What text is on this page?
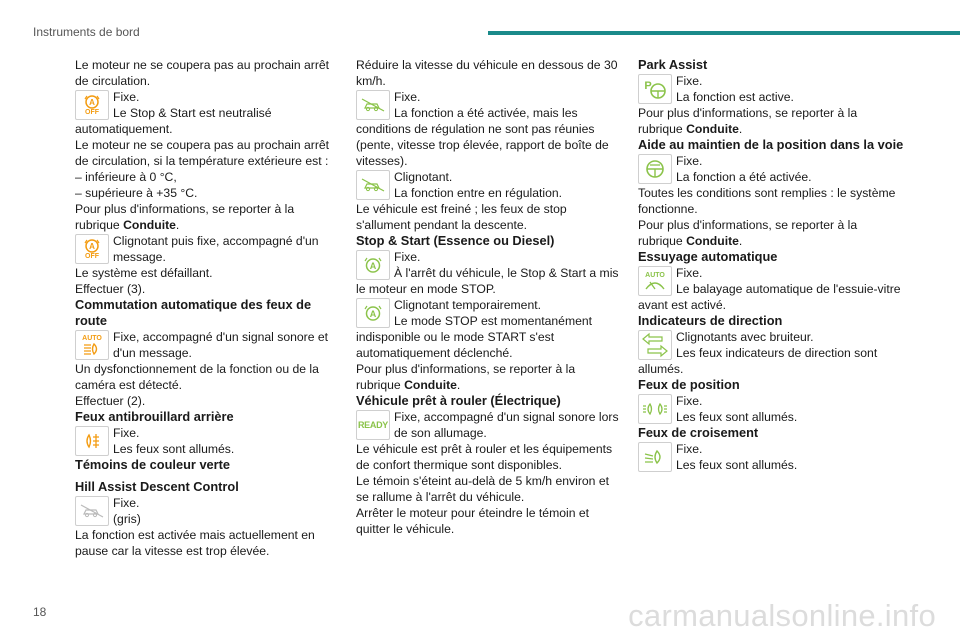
Instruments de bord

Le moteur ne se coupera pas au prochain arrêt de circulation.

A
OFF

Fixe.

Le Stop & Start est neutralisé automatiquement.

Le moteur ne se coupera pas au prochain arrêt de circulation, si la température extérieure est :

– inférieure à 0 °C,

– supérieure à +35 °C.

Pour plus d'informations, se reporter à la rubrique Conduite.

A
OFF

Clignotant puis fixe, accompagné d'un message.

Le système est défaillant.

Effectuer (3).

Commutation automatique des feux de route

AUTO Fixe, accompagné d'un signal sonore et d'un message.

Un dysfonctionnement de la fonction ou de la caméra est détecté.

Effectuer (2).

Feux antibrouillard arrière

Fixe.

Les feux sont allumés.

Témoins de couleur verte

Hill Assist Descent Control

Fixe.

(gris)

La fonction est activée mais actuellement en pause car la vitesse est trop élevée.

Réduire la vitesse du véhicule en dessous de 30 km/h.

Fixe.

La fonction a été activée, mais les conditions de régulation ne sont pas réunies (pente, vitesse trop élevée, rapport de boîte de vitesses).

Clignotant.

La fonction entre en régulation.

Le véhicule est freiné ; les feux de stop s'allument pendant la descente.

Stop & Start (Essence ou Diesel)

A

Fixe.

À l'arrêt du véhicule, le Stop & Start a mis le moteur en mode STOP.

A

Clignotant temporairement.

Le mode STOP est momentanément indisponible ou le mode START s'est automatiquement déclenché.

Pour plus d'informations, se reporter à la rubrique Conduite.

Véhicule prêt à rouler (Électrique)

READY

Fixe, accompagné d'un signal sonore lors de son allumage.

Le véhicule est prêt à rouler et les équipements de confort thermique sont disponibles.

Le témoin s'éteint au-delà de 5 km/h environ et se rallume à l'arrêt du véhicule.

Arrêter le moteur pour éteindre le témoin et quitter le véhicule.

Park Assist

P	Fixe.

La fonction est active.

Pour plus d'informations, se reporter à la rubrique Conduite.

Aide au maintien de la position dans la voie

Fixe.

La fonction a été activée.

Toutes les conditions sont remplies : le système fonctionne.

Pour plus d'informations, se reporter à la rubrique Conduite.

Essuyage automatique

AUTO Fixe.

Le balayage automatique de l'essuie-vitre avant est activé.

Indicateurs de direction

Clignotants avec bruiteur.

Les feux indicateurs de direction sont allumés.

Feux de position

Fixe.

Les feux sont allumés.

Feux de croisement

Fixe.

Les feux sont allumés.

18	carmanualsonline.info
